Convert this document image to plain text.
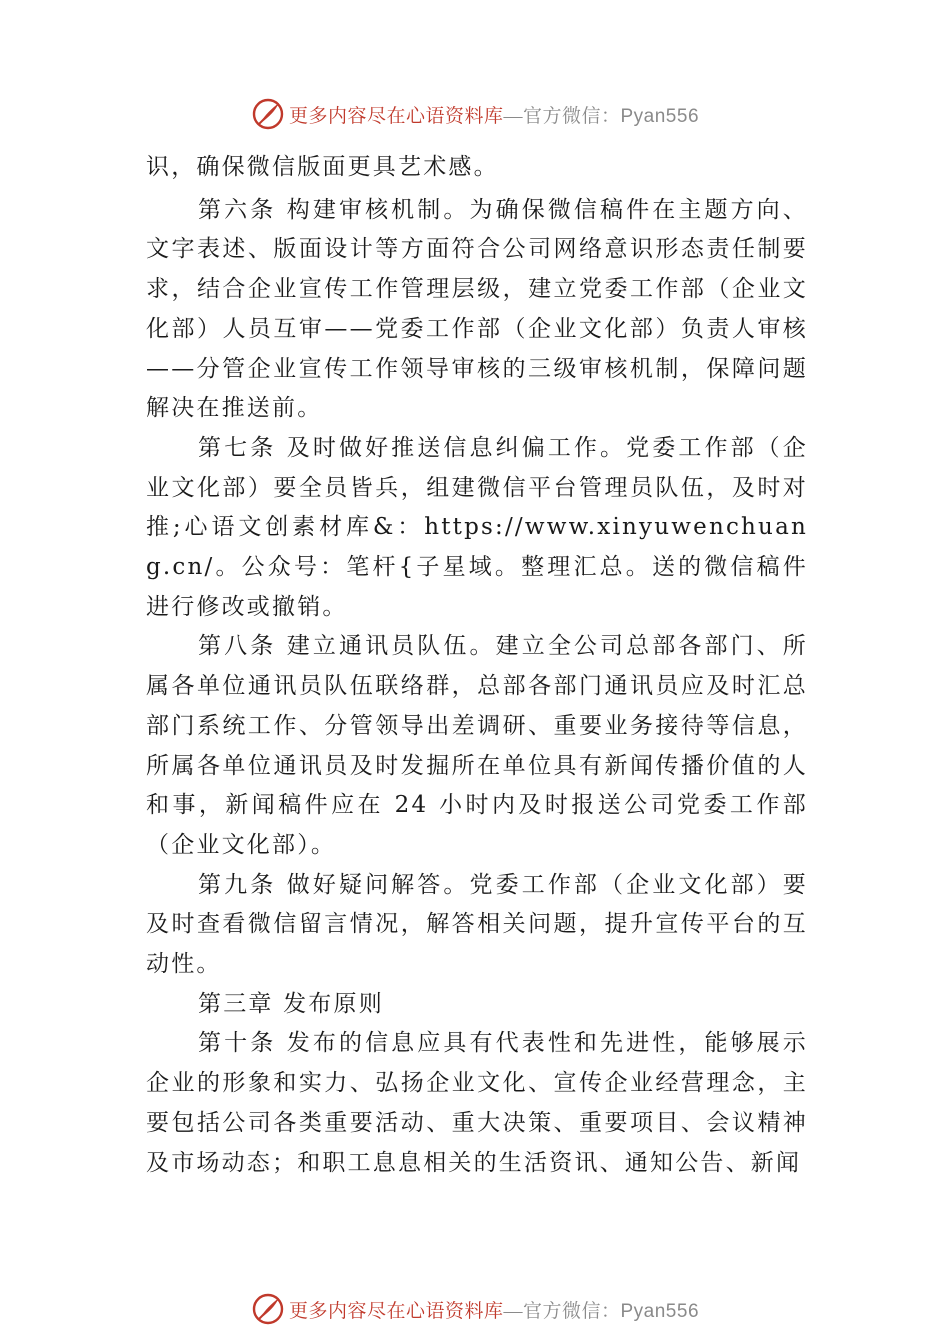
更多内容尽在心语资料库—官方微信：Pyan556

识，确保微信版面更具艺术感。

第六条 构建审核机制。为确保微信稿件在主题方向、文字表述、版面设计等方面符合公司网络意识形态责任制要求，结合企业宣传工作管理层级，建立党委工作部（企业文化部）人员互审——党委工作部（企业文化部）负责人审核——分管企业宣传工作领导审核的三级审核机制，保障问题解决在推送前。

第七条 及时做好推送信息纠偏工作。党委工作部（企业文化部）要全员皆兵，组建微信平台管理员队伍，及时对推;心语文创素材库&：https://www.xinyuwenchuang.cn/。公众号：笔杆{子星域。整理汇总。送的微信稿件进行修改或撤销。

第八条 建立通讯员队伍。建立全公司总部各部门、所属各单位通讯员队伍联络群，总部各部门通讯员应及时汇总部门系统工作、分管领导出差调研、重要业务接待等信息，所属各单位通讯员及时发掘所在单位具有新闻传播价值的人和事，新闻稿件应在 24 小时内及时报送公司党委工作部（企业文化部）。

第九条 做好疑问解答。党委工作部（企业文化部）要及时查看微信留言情况，解答相关问题，提升宣传平台的互动性。

第三章 发布原则

第十条 发布的信息应具有代表性和先进性，能够展示企业的形象和实力、弘扬企业文化、宣传企业经营理念，主要包括公司各类重要活动、重大决策、重要项目、会议精神及市场动态；和职工息息相关的生活资讯、通知公告、新闻

更多内容尽在心语资料库—官方微信：Pyan556
